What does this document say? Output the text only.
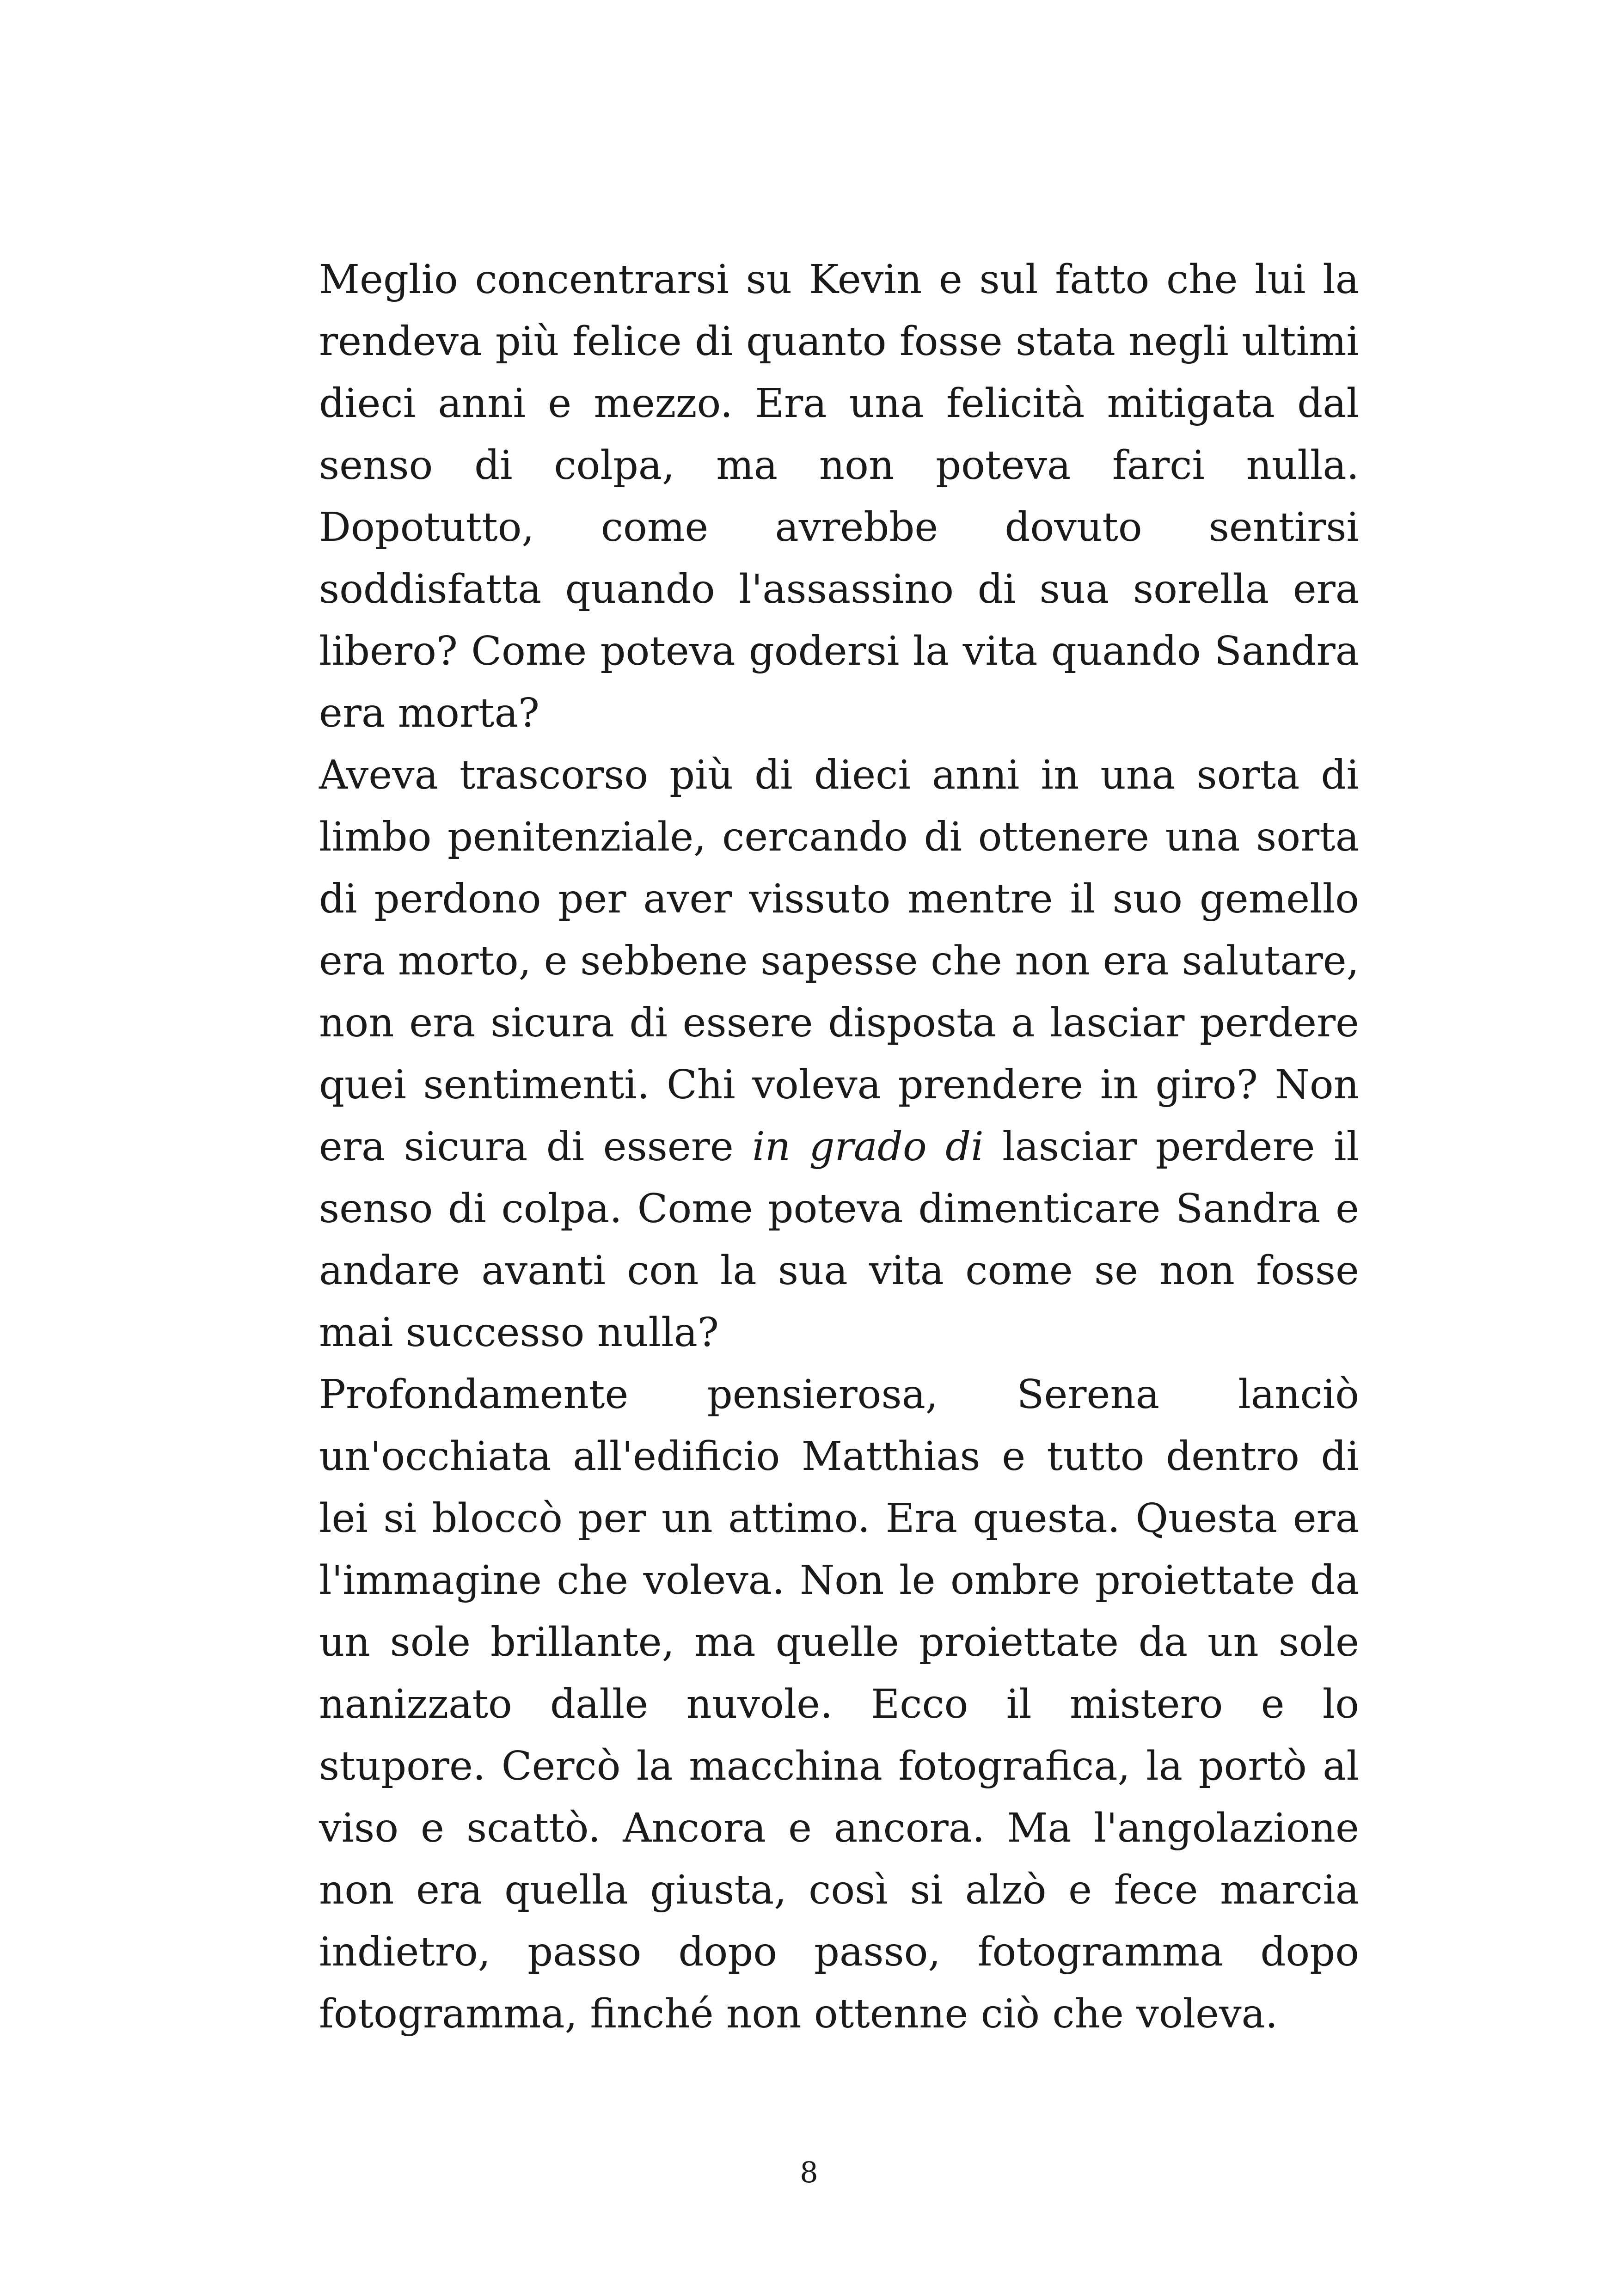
Meglio concentrarsi su Kevin e sul fatto che lui la rendeva più felice di quanto fosse stata negli ultimi dieci anni e mezzo. Era una felicità mitigata dal senso di colpa, ma non poteva farci nulla. Dopotutto, come avrebbe dovuto sentirsi soddisfatta quando l'assassino di sua sorella era libero? Come poteva godersi la vita quando Sandra era morta?

Aveva trascorso più di dieci anni in una sorta di limbo penitenziale, cercando di ottenere una sorta di perdono per aver vissuto mentre il suo gemello era morto, e sebbene sapesse che non era salutare, non era sicura di essere disposta a lasciar perdere quei sentimenti. Chi voleva prendere in giro? Non era sicura di essere in grado di lasciar perdere il senso di colpa. Come poteva dimenticare Sandra e andare avanti con la sua vita come se non fosse mai successo nulla?

Profondamente pensierosa, Serena lanciò un'occhiata all'edificio Matthias e tutto dentro di lei si bloccò per un attimo. Era questa. Questa era l'immagine che voleva. Non le ombre proiettate da un sole brillante, ma quelle proiettate da un sole nanizzato dalle nuvole. Ecco il mistero e lo stupore. Cercò la macchina fotografica, la portò al viso e scattò. Ancora e ancora. Ma l'angolazione non era quella giusta, così si alzò e fece marcia indietro, passo dopo passo, fotogramma dopo fotogramma, finché non ottenne ciò che voleva.

8
